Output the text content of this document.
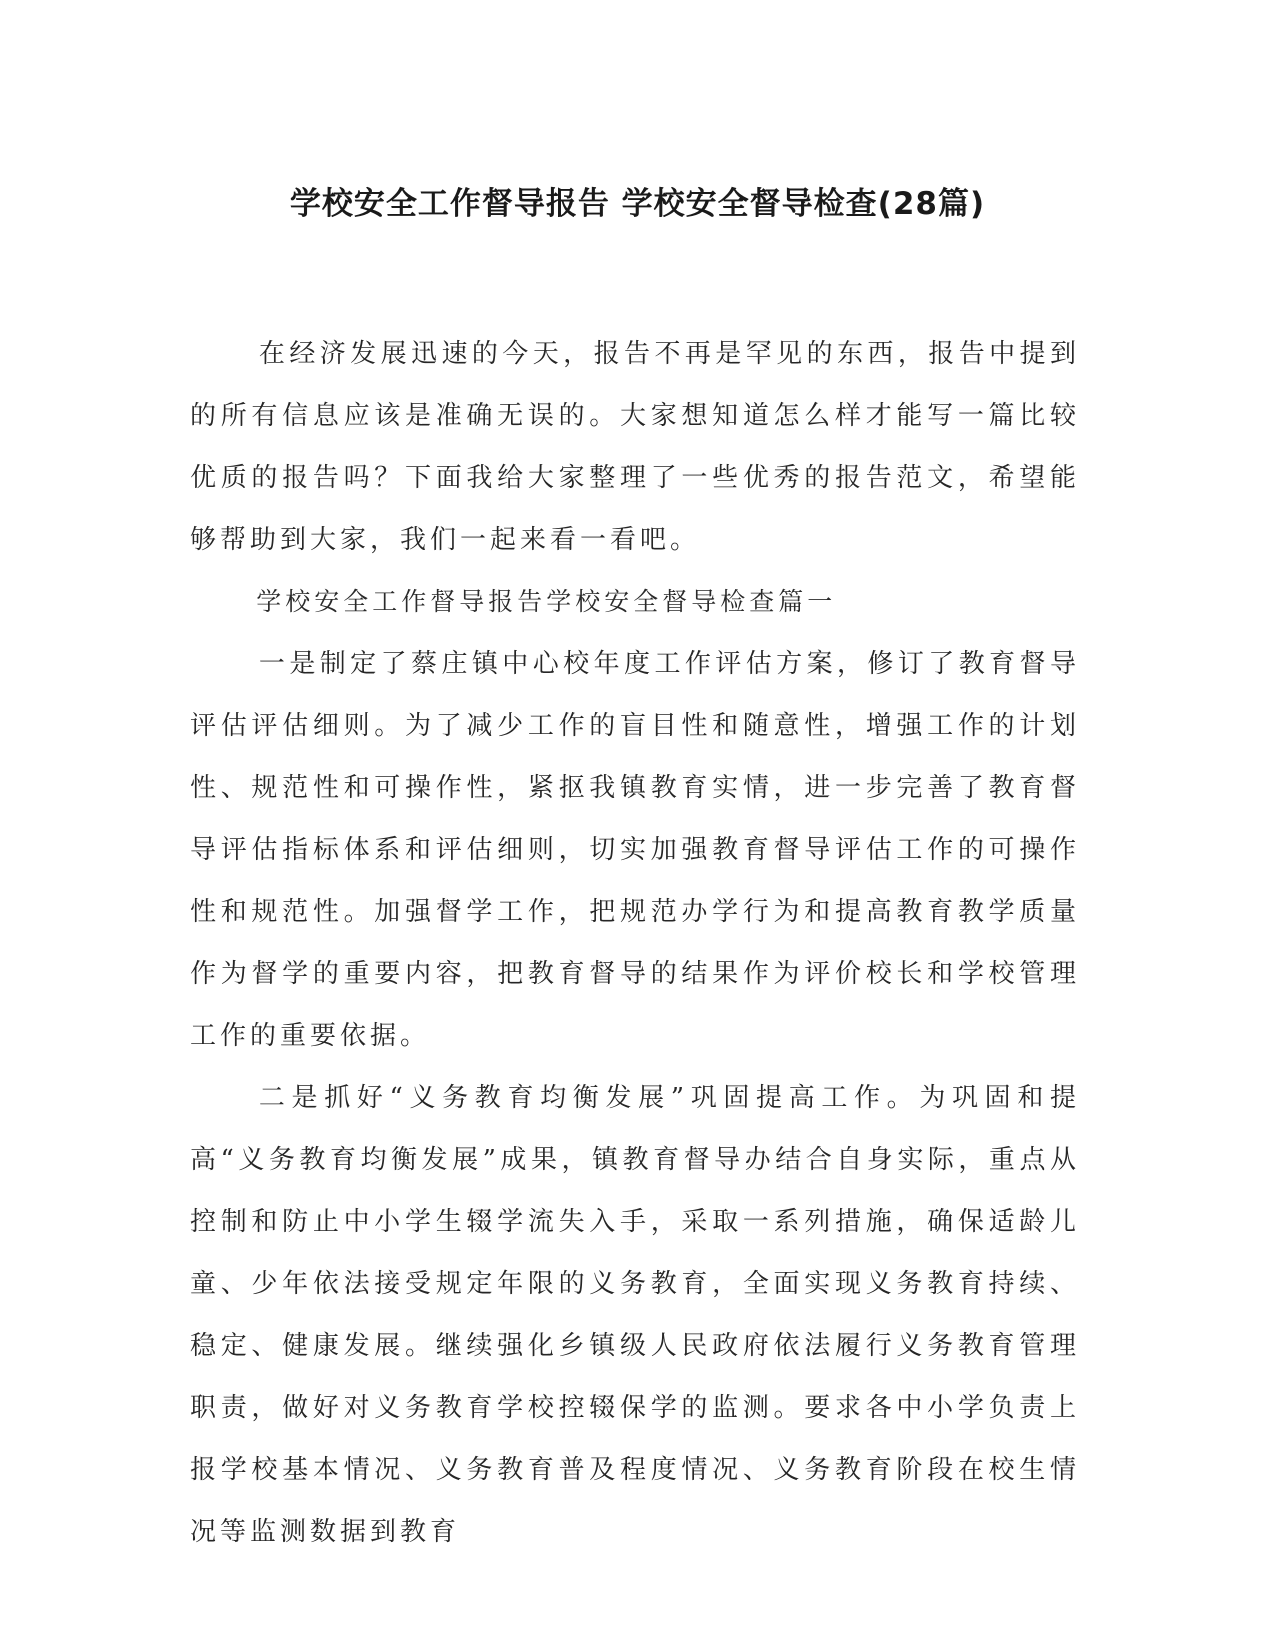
学校安全工作督导报告 学校安全督导检查(28篇)

在经济发展迅速的今天，报告不再是罕见的东西，报告中提到的所有信息应该是准确无误的。大家想知道怎么样才能写一篇比较优质的报告吗？下面我给大家整理了一些优秀的报告范文，希望能够帮助到大家，我们一起来看一看吧。

学校安全工作督导报告学校安全督导检查篇一

一是制定了蔡庄镇中心校年度工作评估方案，修订了教育督导评估评估细则。为了减少工作的盲目性和随意性，增强工作的计划性、规范性和可操作性，紧抠我镇教育实情，进一步完善了教育督导评估指标体系和评估细则，切实加强教育督导评估工作的可操作性和规范性。加强督学工作，把规范办学行为和提高教育教学质量作为督学的重要内容，把教育督导的结果作为评价校长和学校管理工作的重要依据。

二是抓好“义务教育均衡发展”巩固提高工作。为巩固和提高“义务教育均衡发展”成果，镇教育督导办结合自身实际，重点从控制和防止中小学生辍学流失入手，采取一系列措施，确保适龄儿童、少年依法接受规定年限的义务教育，全面实现义务教育持续、稳定、健康发展。继续强化乡镇级人民政府依法履行义务教育管理职责，做好对义务教育学校控辍保学的监测。要求各中小学负责上报学校基本情况、义务教育普及程度情况、义务教育阶段在校生情况等监测数据到教育
